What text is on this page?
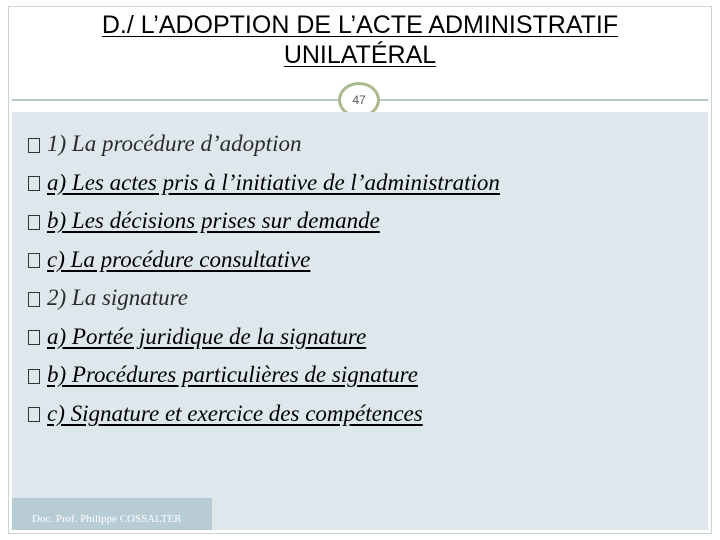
D./ L’ADOPTION DE L’ACTE ADMINISTRATIF
UNILATÉRAL
47
Doc. Prof. Philippe COSSALTER
1) La procédure d’adoption
a) Les actes pris à l’initiative de l’administration
b) Les décisions prises sur demande
c) La procédure consultative
2) La signature
a) Portée juridique de la signature
b) Procédures particulières de signature
c) Signature et exercice des compétences
